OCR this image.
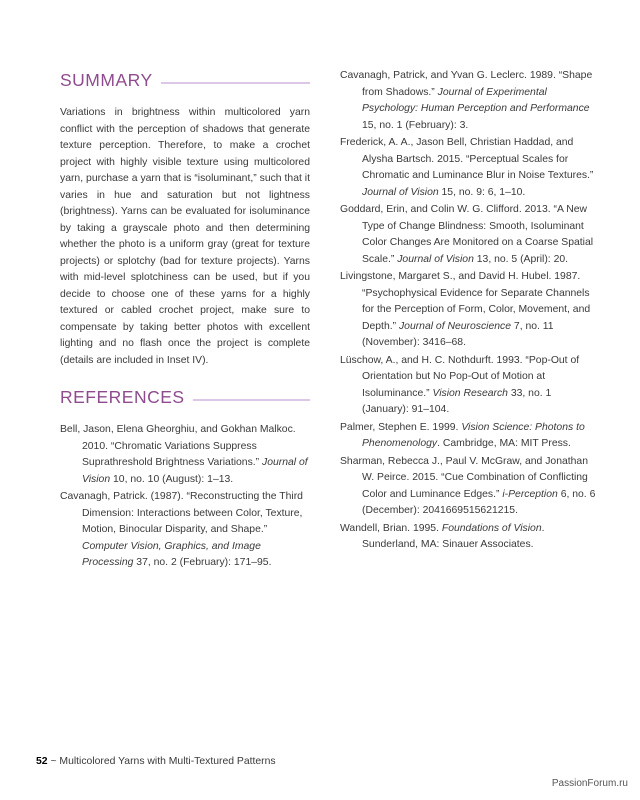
SUMMARY

Variations in brightness within multicolored yarn conflict with the perception of shadows that generate texture perception. Therefore, to make a crochet project with highly visible texture using multicolored yarn, purchase a yarn that is “isoluminant,” such that it varies in hue and saturation but not lightness (brightness). Yarns can be evaluated for isoluminance by taking a grayscale photo and then determining whether the photo is a uniform gray (great for texture projects) or splotchy (bad for texture projects). Yarns with mid-level splotchiness can be used, but if you decide to choose one of these yarns for a highly textured or cabled crochet project, make sure to compensate by taking better photos with excellent lighting and no flash once the project is complete (details are included in Inset IV).

REFERENCES

Bell, Jason, Elena Gheorghiu, and Gokhan Malkoc. 2010. “Chromatic Variations Suppress Suprathreshold Brightness Variations.” Journal of Vision 10, no. 10 (August): 1–13.

Cavanagh, Patrick. (1987). “Reconstructing the Third Dimension: Interactions between Color, Texture, Motion, Binocular Disparity, and Shape.” Computer Vision, Graphics, and Image Processing 37, no. 2 (February): 171–95.

Cavanagh, Patrick, and Yvan G. Leclerc. 1989. “Shape from Shadows.” Journal of Experimental Psychology: Human Perception and Performance 15, no. 1 (February): 3.

Frederick, A. A., Jason Bell, Christian Haddad, and Alysha Bartsch. 2015. “Perceptual Scales for Chromatic and Luminance Blur in Noise Textures.” Journal of Vision 15, no. 9: 6, 1–10.

Goddard, Erin, and Colin W. G. Clifford. 2013. “A New Type of Change Blindness: Smooth, Isoluminant Color Changes Are Monitored on a Coarse Spatial Scale.” Journal of Vision 13, no. 5 (April): 20.

Livingstone, Margaret S., and David H. Hubel. 1987. “Psychophysical Evidence for Separate Channels for the Perception of Form, Color, Movement, and Depth.” Journal of Neuroscience 7, no. 11 (November): 3416–68.

Lüschow, A., and H. C. Nothdurft. 1993. “Pop-Out of Orientation but No Pop-Out of Motion at Isoluminance.” Vision Research 33, no. 1 (January): 91–104.

Palmer, Stephen E. 1999. Vision Science: Photons to Phenomenology. Cambridge, MA: MIT Press.

Sharman, Rebecca J., Paul V. McGraw, and Jonathan W. Peirce. 2015. “Cue Combination of Conflicting Color and Luminance Edges.” i-Perception 6, no. 6 (December): 2041669515621215.

Wandell, Brian. 1995. Foundations of Vision. Sunderland, MA: Sinauer Associates.

52 ~ Multicolored Yarns with Multi-Textured Patterns
PassionForum.ru
